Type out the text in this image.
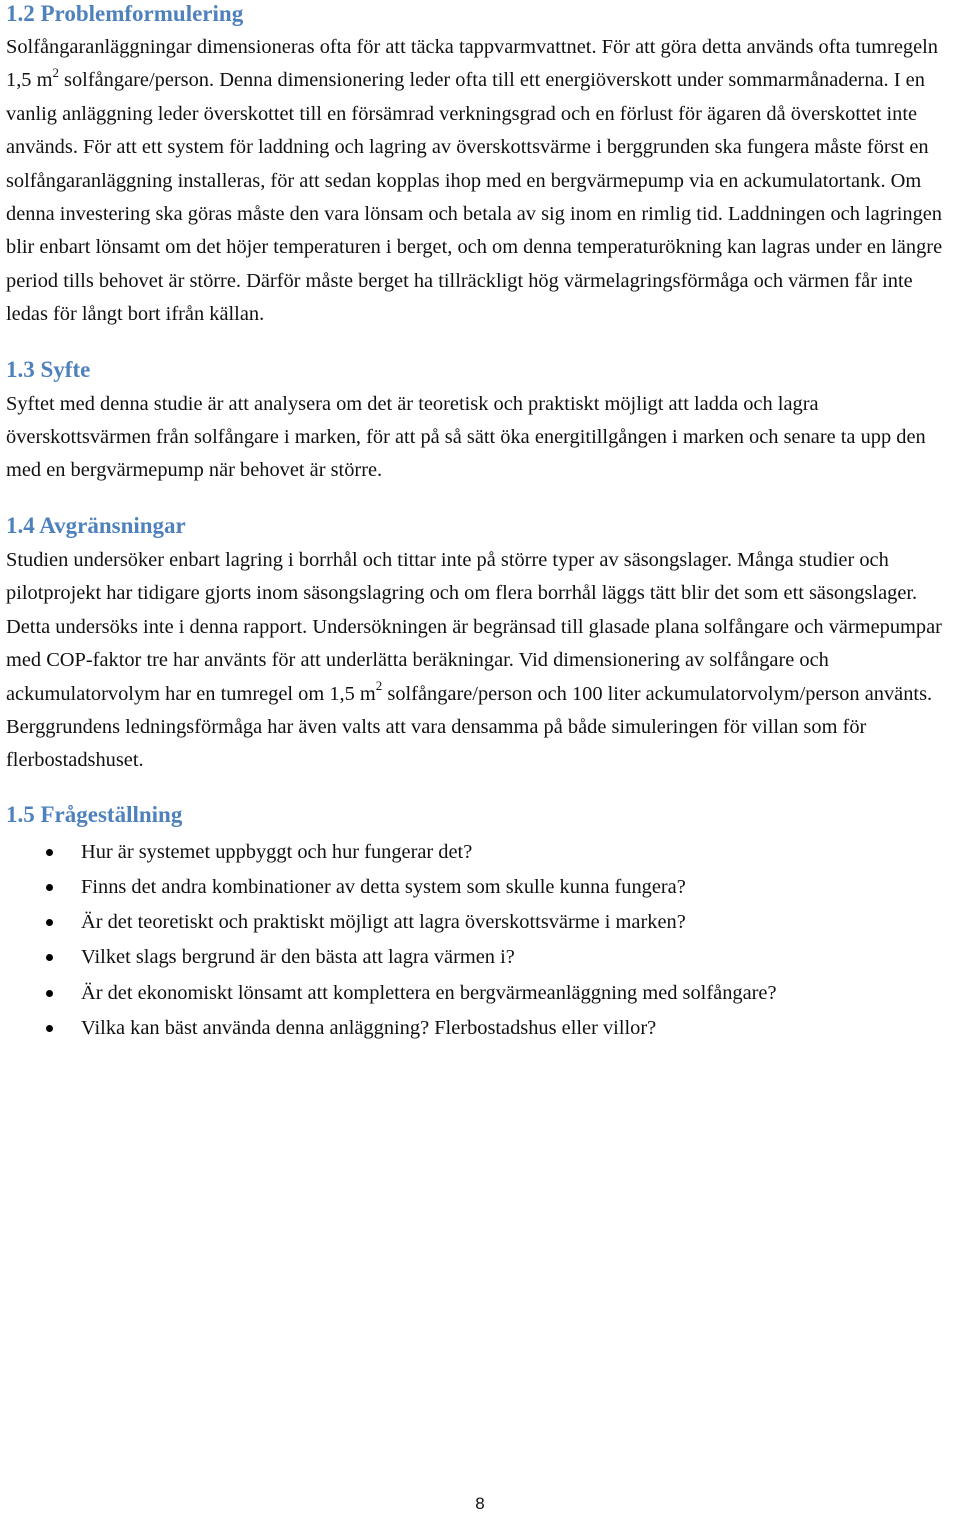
1.2 Problemformulering

Solfångaranläggningar dimensioneras ofta för att täcka tappvarmvattnet. För att göra detta används ofta tumregeln 1,5 $m^2$ solfångare/person. Denna dimensionering leder ofta till ett energiöverskott under sommarmånaderna. I en vanlig anläggning leder överskottet till en försämrad verkningsgrad och en förlust för ägaren då överskottet inte används. För att ett system för laddning och lagring av överskottsvärme i berggrunden ska fungera måste först en solfångaranläggning installeras, för att sedan kopplas ihop med en bergvärmepump via en ackumulatortank. Om denna investering ska göras måste den vara lönsam och betala av sig inom en rimlig tid. Laddningen och lagringen blir enbart lönsamt om det höjer temperaturen i berget, och om denna temperaturökning kan lagras under en längre period tills behovet är större. Därför måste berget ha tillräckligt hög värmelagringsförmåga och värmen får inte ledas för långt bort ifrån källan.

1.3 Syfte

Syftet med denna studie är att analysera om det är teoretisk och praktiskt möjligt att ladda och lagra överskottsvärmen från solfångare i marken, för att på så sätt öka energitillgången i marken och senare ta upp den med en bergvärmepump när behovet är större.

1.4 Avgränsningar

Studien undersöker enbart lagring i borrhål och tittar inte på större typer av säsongslager. Många studier och pilotprojekt har tidigare gjorts inom säsongslagring och om flera borrhål läggs tätt blir det som ett säsongslager. Detta undersöks inte i denna rapport. Undersökningen är begränsad till glasade plana solfångare och värmepumpar med COP-faktor tre har använts för att underlätta beräkningar. Vid dimensionering av solfångare och ackumulatorvolym har en tumregel om 1,5 $m^2$ solfångare/person och 100 liter ackumulatorvolym/person använts. Berggrundens ledningsförmåga har även valts att vara densamma på både simuleringen för villan som för flerbostadshuset.

1.5 Frågeställning
Hur är systemet uppbyggt och hur fungerar det?
Finns det andra kombinationer av detta system som skulle kunna fungera?
Är det teoretiskt och praktiskt möjligt att lagra överskottsvärme i marken?
Vilket slags bergrund är den bästa att lagra värmen i?
Är det ekonomiskt lönsamt att komplettera en bergvärmeanläggning med solfångare?
Vilka kan bäst använda denna anläggning? Flerbostadshus eller villor?
8
